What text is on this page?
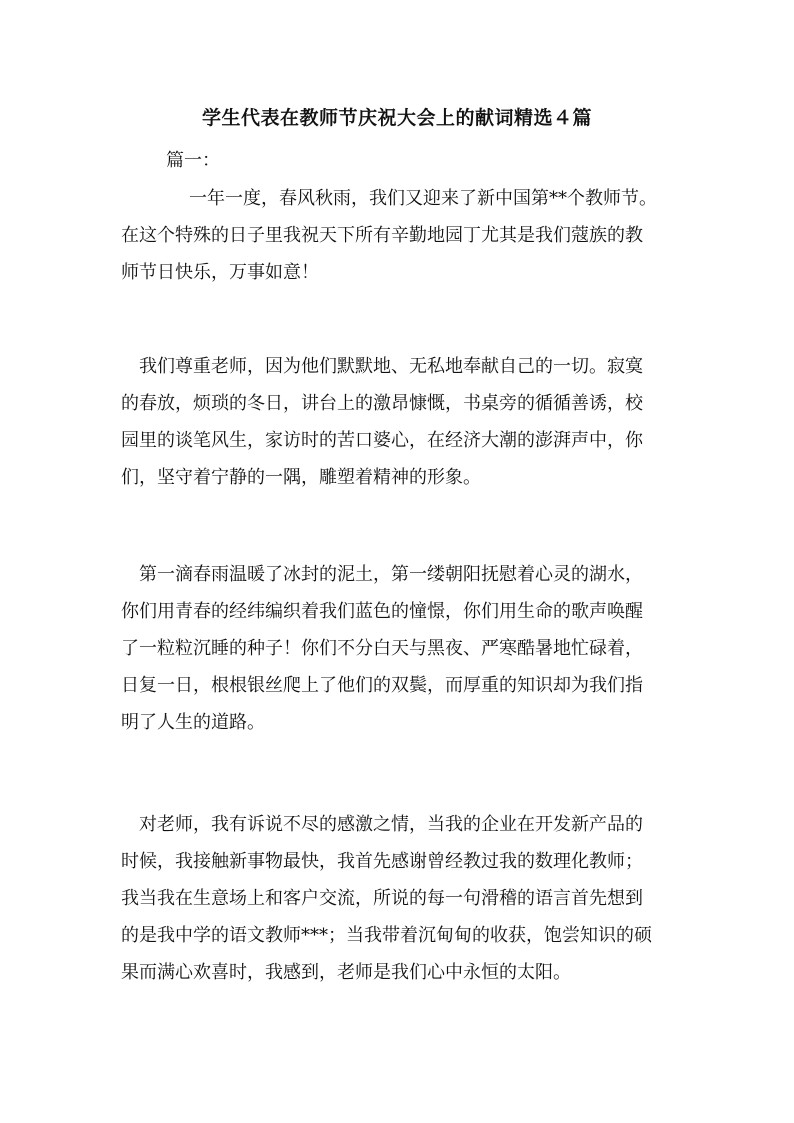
学生代表在教师节庆祝大会上的献词精选４篇
篇一：
一年一度，春风秋雨，我们又迎来了新中国第**个教师节。
在这个特殊的日子里我祝天下所有辛勤地园丁尤其是我们蔻族的教
师节日快乐，万事如意！
我们尊重老师，因为他们默默地、无私地奉献自己的一切。寂寞
的春放，烦琐的冬日，讲台上的激昂慷慨，书桌旁的循循善诱，校
园里的谈笔风生，家访时的苦口婆心，在经济大潮的澎湃声中，你
们，坚守着宁静的一隅，雕塑着精神的形象。
第一滴春雨温暖了冰封的泥土，第一缕朝阳抚慰着心灵的湖水，
你们用青春的经纬编织着我们蓝色的憧憬，你们用生命的歌声唤醒
了一粒粒沉睡的种子！你们不分白天与黑夜、严寒酷暑地忙碌着，
日复一日，根根银丝爬上了他们的双鬓，而厚重的知识却为我们指
明了人生的道路。
对老师，我有诉说不尽的感激之情，当我的企业在开发新产品的
时候，我接触新事物最快，我首先感谢曾经教过我的数理化教师；
我当我在生意场上和客户交流，所说的每一句滑稽的语言首先想到
的是我中学的语文教师***；当我带着沉甸甸的收获，饱尝知识的硕
果而满心欢喜时，我感到，老师是我们心中永恒的太阳。
